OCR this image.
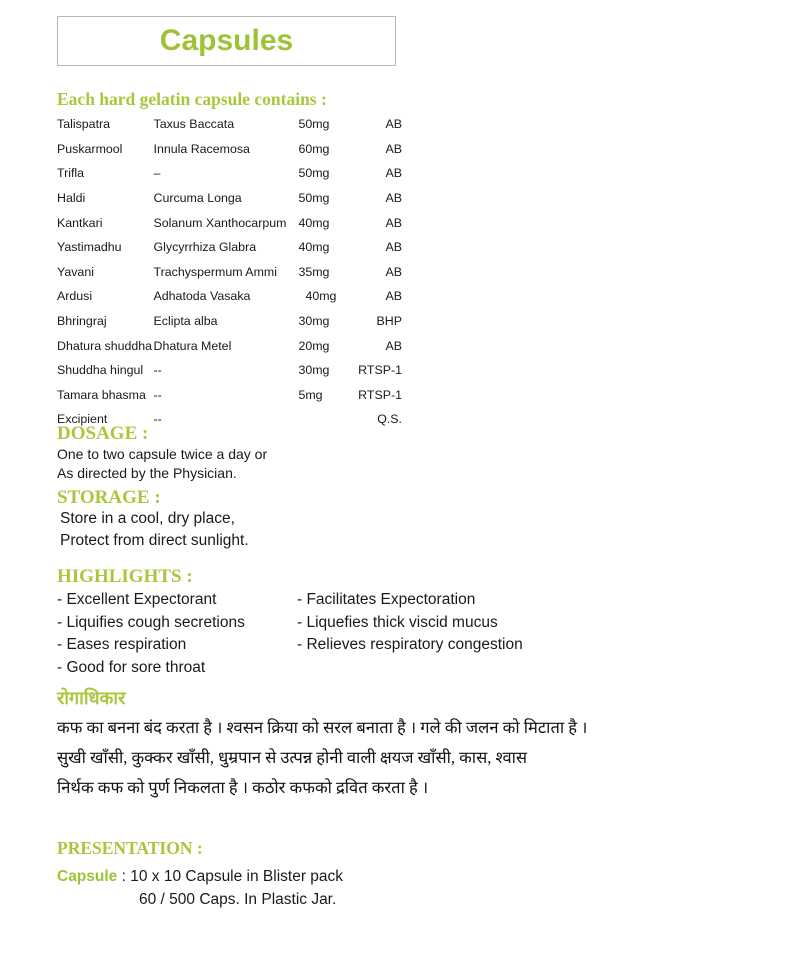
Capsules
Each hard gelatin capsule contains :
Talispatra	Taxus Baccata	50mg	AB
Puskarmool	Innula Racemosa	60mg	AB
Trifla	–	50mg	AB
Haldi	Curcuma Longa	50mg	AB
Kantkari	Solanum Xanthocarpum	40mg	AB
Yastimadhu	Glycyrrhiza Glabra	40mg	AB
Yavani	Trachyspermum Ammi	35mg	AB
Ardusi	Adhatoda Vasaka	40mg	AB
Bhringraj	Eclipta alba	30mg	BHP
Dhatura shuddha	Dhatura Metel	20mg	AB
Shuddha hingul	--	30mg	RTSP-1
Tamara bhasma	--	5mg	RTSP-1
Excipient	--		Q.S.
DOSAGE :
One to two capsule twice a day or
As directed by the Physician.
STORAGE :
Store in a cool, dry place,
Protect from direct sunlight.
HIGHLIGHTS :
- Excellent Expectorant
- Liquifies cough secretions
- Eases respiration
- Good for sore throat
- Facilitates Expectoration
- Liquefies thick viscid mucus
- Relieves respiratory congestion
रोगाधिकार
कफ का बनना बंद करता है । श्वसन क्रिया को सरल बनाता है । गले की जलन को मिटाता है ।
सुखी खाँसी, कुक्कर खाँसी, धुम्रपान से उत्पन्न होनी वाली क्षयज खाँसी, कास, श्वास
निर्थक कफ को पुर्ण निकलता है । कठोर कफको द्रवित करता है ।
PRESENTATION :
Capsule : 10 x 10 Capsule in Blister pack
60 / 500 Caps. In Plastic Jar.
